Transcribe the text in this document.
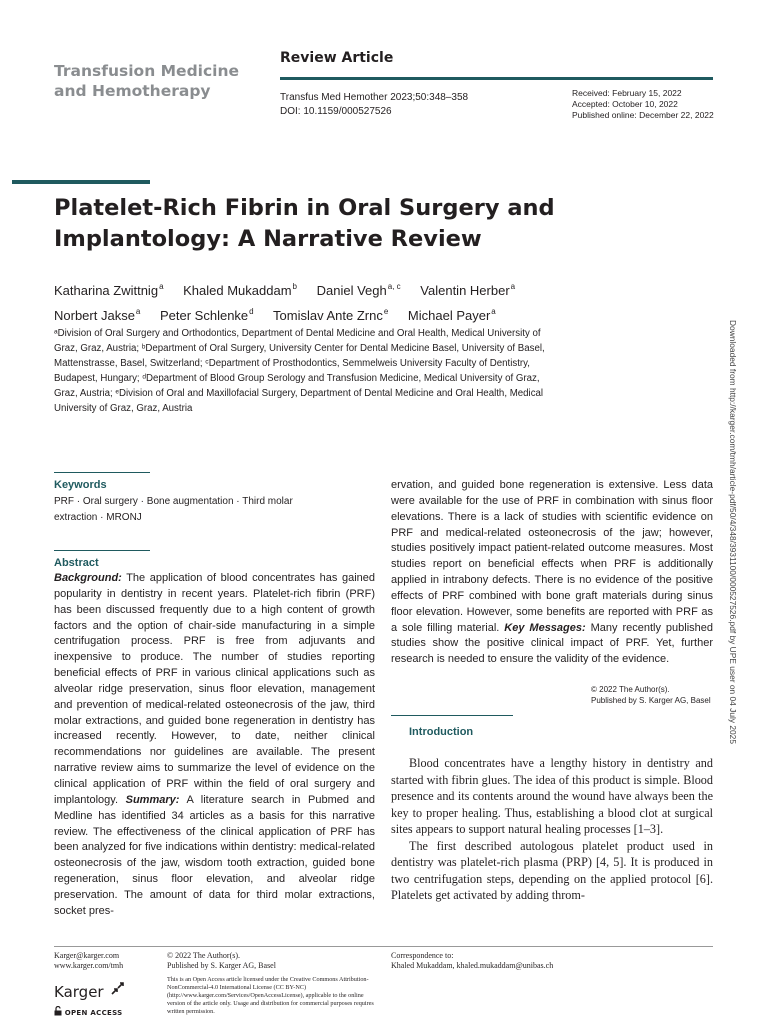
Transfusion Medicine
and Hemotherapy
Review Article
Transfus Med Hemother 2023;50:348–358
DOI: 10.1159/000527526
Received: February 15, 2022
Accepted: October 10, 2022
Published online: December 22, 2022
Platelet-Rich Fibrin in Oral Surgery and
Implantology: A Narrative Review
Katharina Zwittnig$^a$ Khaled Mukaddam$^b$ Daniel Vegh$^{a, c}$ Valentin Herber$^a$
Norbert Jakse$^a$ Peter Schlenke$^d$ Tomislav Ante Zrnc$^e$ Michael Payer$^a$
ᵃDivision of Oral Surgery and Orthodontics, Department of Dental Medicine and Oral Health, Medical University of
Graz, Graz, Austria; ᵇDepartment of Oral Surgery, University Center for Dental Medicine Basel, University of Basel,
Mattenstrasse, Basel, Switzerland; ᶜDepartment of Prosthodontics, Semmelweis University Faculty of Dentistry,
Budapest, Hungary; ᵈDepartment of Blood Group Serology and Transfusion Medicine, Medical University of Graz,
Graz, Austria; ᵉDivision of Oral and Maxillofacial Surgery, Department of Dental Medicine and Oral Health, Medical
University of Graz, Graz, Austria	Downloaded from http://karger.com/tmh/article-pdf/50/4/348/3931100/000527526.pdf by UPE user on 04 July 2025
Keywords
PRF · Oral surgery · Bone augmentation · Third molar
extraction · MRONJ
Abstract
Background: The application of blood concentrates has gained popularity in dentistry in recent years. Platelet-rich fibrin (PRF) has been discussed frequently due to a high content of growth factors and the option of chair-side manufacturing in a simple centrifugation process. PRF is free from adjuvants and inexpensive to produce. The number of studies reporting beneficial effects of PRF in various clinical applications such as alveolar ridge preservation, sinus floor elevation, management and prevention of medical-related osteonecrosis of the jaw, third molar extractions, and guided bone regeneration in dentistry has increased recently. However, to date, neither clinical recommendations nor guidelines are available. The present narrative review aims to summarize the level of evidence on the clinical application of PRF within the field of oral surgery and implantology. Summary: A literature search in Pubmed and Medline has identified 34 articles as a basis for this narrative review. The effectiveness of the clinical application of PRF has been analyzed for five indications within dentistry: medical-related osteonecrosis of the jaw, wisdom tooth extraction, guided bone regeneration, sinus floor elevation, and alveolar ridge preservation. The amount of data for third molar extractions, socket pres-
ervation, and guided bone regeneration is extensive. Less data were available for the use of PRF in combination with sinus floor elevations. There is a lack of studies with scientific evidence on PRF and medical-related osteonecrosis of the jaw; however, studies positively impact patient-related outcome measures. Most studies report on beneficial effects when PRF is additionally applied in intrabony defects. There is no evidence of the positive effects of PRF combined with bone graft materials during sinus floor elevation. However, some benefits are reported with PRF as a sole filling material. Key Messages: Many recently published studies show the positive clinical impact of PRF. Yet, further research is needed to ensure the validity of the evidence.
© 2022 The Author(s).
Published by S. Karger AG, Basel
Introduction

Blood concentrates have a lengthy history in dentistry and started with fibrin glues. The idea of this product is simple. Blood presence and its contents around the wound have always been the key to proper healing. Thus, establishing a blood clot at surgical sites appears to support natural healing processes [1–3].

The first described autologous platelet product used in dentistry was platelet-rich plasma (PRP) [4, 5]. It is produced in two centrifugation steps, depending on the applied protocol [6]. Platelets get activated by adding throm-

Karger@karger.com
www.karger.com/tmh
© 2022 The Author(s).
Published by S. Karger AG, Basel
This is an Open Access article licensed under the Creative Commons Attribution-NonCommercial-4.0 International License (CC BY-NC) (http://www.karger.com/Services/OpenAccessLicense), applicable to the online version of the article only. Usage and distribution for commercial purposes requires written permission.
Correspondence to:
Khaled Mukaddam, khaled.mukaddam@unibas.ch
Karger
OPEN ACCESS
